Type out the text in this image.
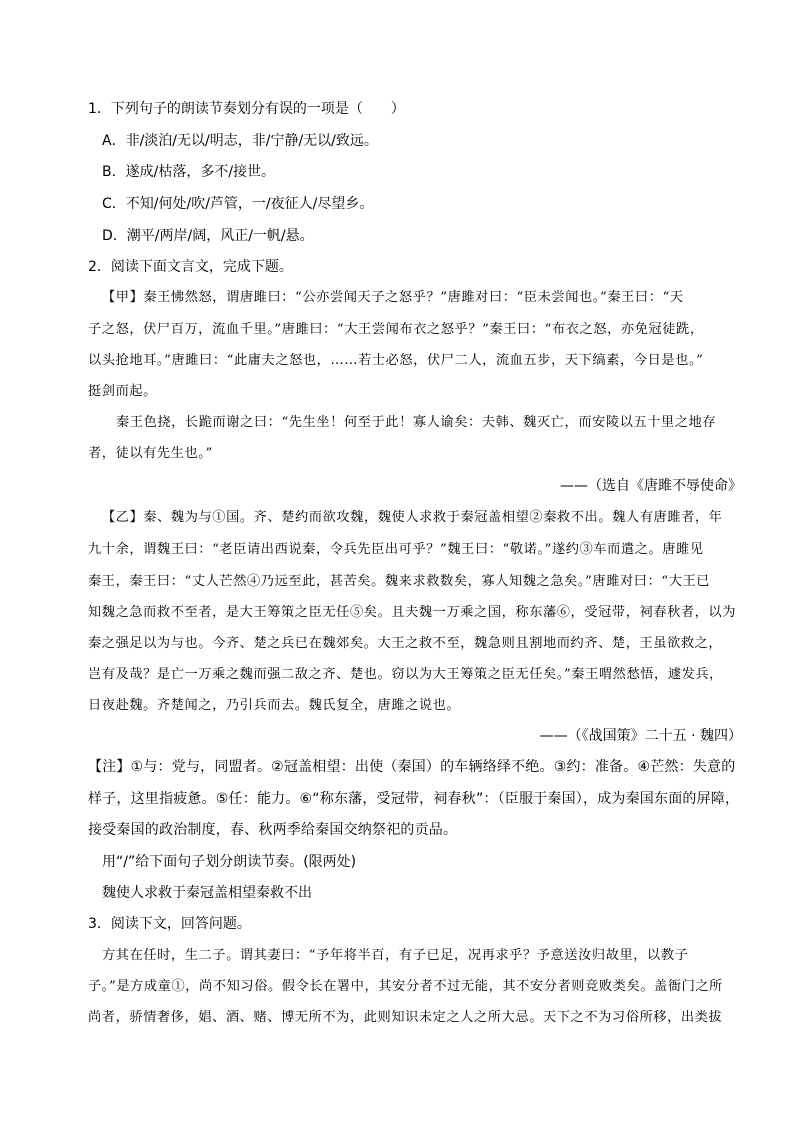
1．下列句子的朗读节奏划分有误的一项是（　　）
A．非/淡泊/无以/明志，非/宁静/无以/致远。
B．遂成/枯落，多不/接世。
C．不知/何处/吹/芦管，一/夜征人/尽望乡。
D．潮平/两岸/阔，风正/一帆/悬。
2．阅读下面文言文，完成下题。
【甲】秦王怫然怒，谓唐雎曰：“公亦尝闻天子之怒乎？”唐雎对曰：“臣未尝闻也。”秦王曰：“天
子之怒，伏尸百万，流血千里。”唐雎曰：“大王尝闻布衣之怒乎？”秦王曰：“布衣之怒，亦免冠徒跣，
以头抢地耳。”唐雎曰：“此庸夫之怒也，……若士必怒，伏尸二人，流血五步，天下缟素，今日是也。”
挺剑而起。
秦王色挠，长跪而谢之曰：“先生坐！何至于此！寡人谕矣：夫韩、魏灭亡，而安陵以五十里之地存
者，徒以有先生也。”
——（选自《唐雎不辱使命》
【乙】秦、魏为与①国。齐、楚约而欲攻魏，魏使人求救于秦冠盖相望②秦救不出。魏人有唐雎者，年
九十余，谓魏王曰：“老臣请出西说秦，令兵先臣出可乎？”魏王曰：“敬诺。”遂约③车而遣之。唐雎见
秦王，秦王曰：“丈人芒然④乃远至此，甚苦矣。魏来求救数矣，寡人知魏之急矣。”唐雎对曰：“大王已
知魏之急而救不至者，是大王筹策之臣无任⑤矣。且夫魏一万乘之国，称东藩⑥，受冠带，祠春秋者，以为
秦之强足以为与也。今齐、楚之兵已在魏郊矣。大王之救不至，魏急则且割地而约齐、楚，王虽欲救之，
岂有及哉？是亡一万乘之魏而强二敌之齐、楚也。窃以为大王筹策之臣无任矣。”秦王喟然愁悟，遽发兵，
日夜赴魏。齐楚闻之，乃引兵而去。魏氏复全，唐雎之说也。
——（《战国策》二十五 · 魏四）
【注】①与：党与，同盟者。②冠盖相望：出使（秦国）的车辆络绎不绝。③约：准备。④芒然：失意的
样子，这里指疲惫。⑤任：能力。⑥“称东藩，受冠带，祠春秋”：（臣服于秦国），成为秦国东面的屏障，
接受秦国的政治制度，春、秋两季给秦国交纳祭祀的贡品。
用“/”给下面句子划分朗读节奏。(限两处)
魏使人求救于秦冠盖相望秦救不出
3．阅读下文，回答问题。
方其在任时，生二子。谓其妻曰：“予年将半百，有子已足，况再求乎？予意送汝归故里，以教子
子。”是方成童①，尚不知习俗。假令长在署中，其安分者不过无能，其不安分者则竞败类矣。盖衙门之所
尚者，骄情奢侈，娼、酒、赌、博无所不为，此则知识未定之人之所大忌。天下之不为习俗所移，出类拔
